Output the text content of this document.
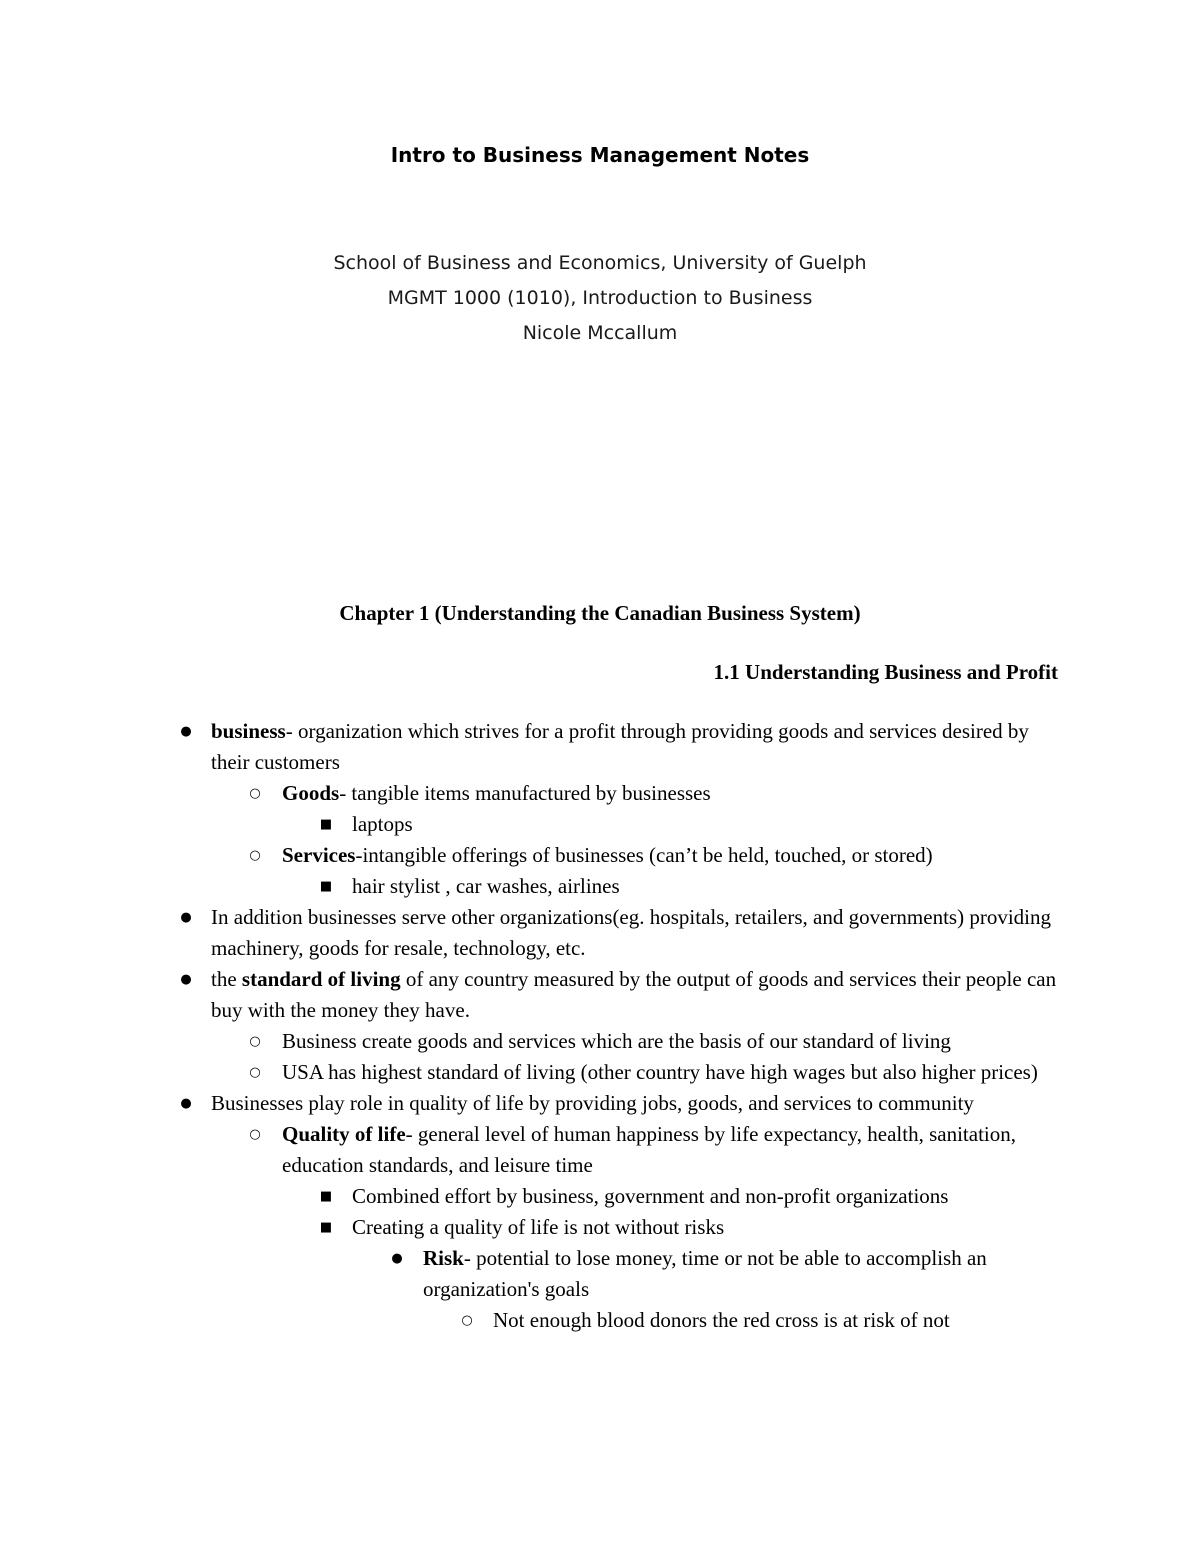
Intro to Business Management Notes
School of Business and Economics, University of Guelph
MGMT 1000 (1010), Introduction to Business
Nicole Mccallum
Chapter 1 (Understanding the Canadian Business System)
1.1 Understanding Business and Profit

● business- organization which strives for a profit through providing goods and services desired by their customers

○ Goods- tangible items manufactured by businesses

■ laptops

○ Services-intangible offerings of businesses (can’t be held, touched, or stored)

■ hair stylist , car washes, airlines

● In addition businesses serve other organizations(eg. hospitals, retailers, and governments) providing machinery, goods for resale, technology, etc.

● the standard of living of any country measured by the output of goods and services their people can buy with the money they have.

○ Business create goods and services which are the basis of our standard of living

○ USA has highest standard of living (other country have high wages but also higher prices)

● Businesses play role in quality of life by providing jobs, goods, and services to community

○ Quality of life- general level of human happiness by life expectancy, health, sanitation, education standards, and leisure time

■ Combined effort by business, government and non-profit organizations

■ Creating a quality of life is not without risks

● Risk- potential to lose money, time or not be able to accomplish an organization's goals

○ Not enough blood donors the red cross is at risk of not
